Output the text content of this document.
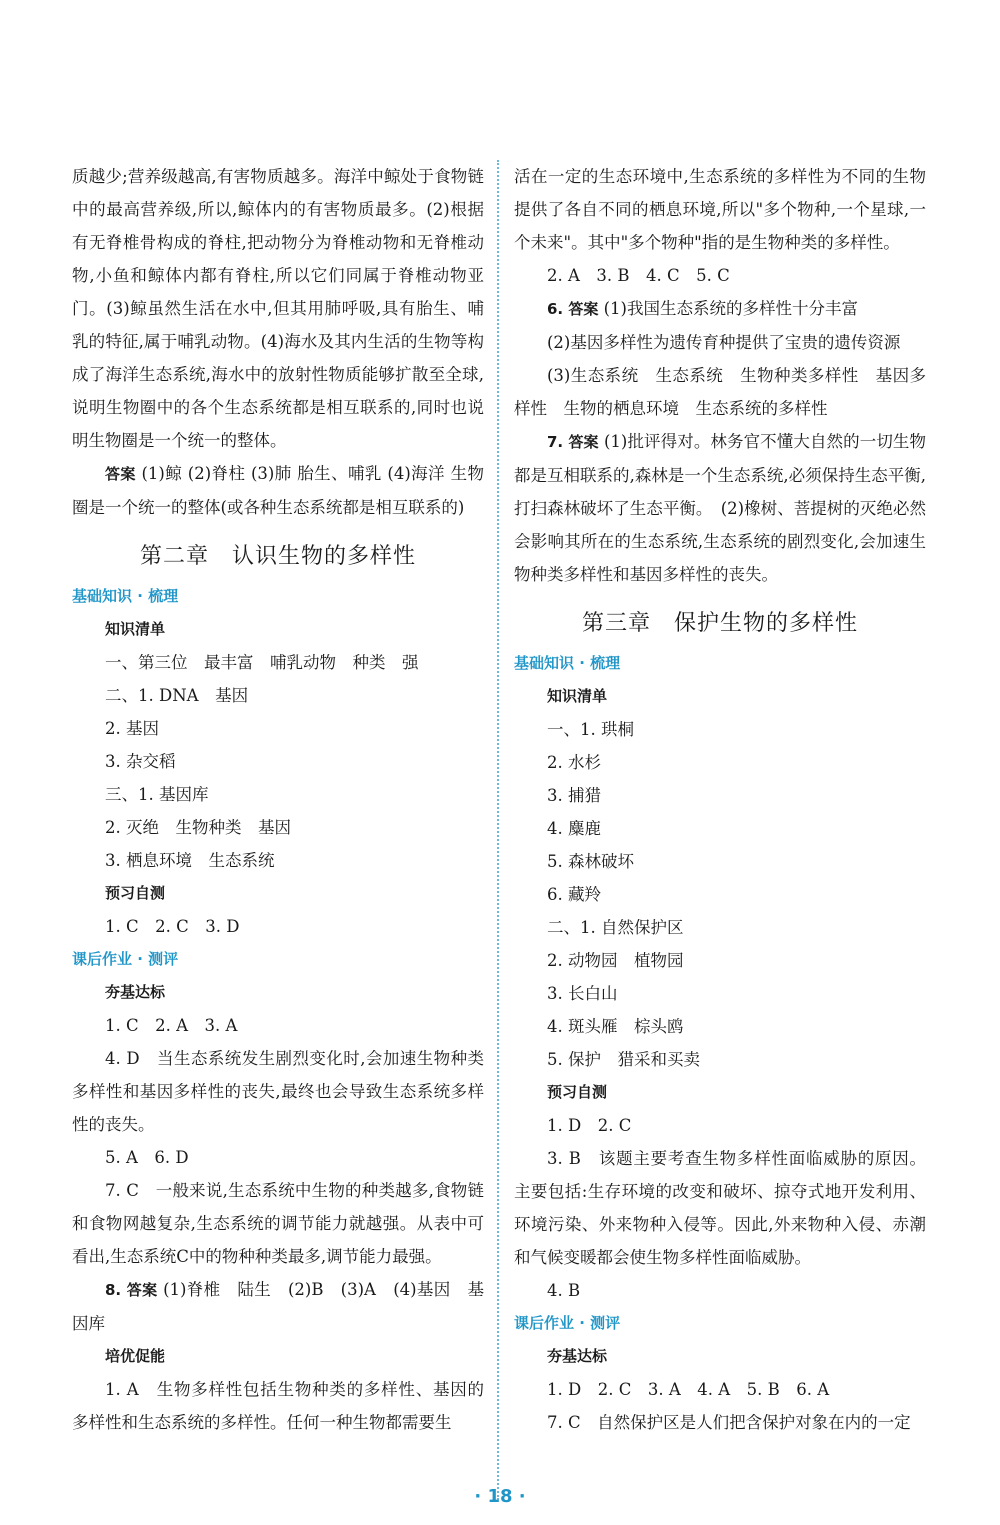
质越少;营养级越高,有害物质越多。海洋中鲸处于食物链中的最高营养级,所以,鲸体内的有害物质最多。(2)根据有无脊椎骨构成的脊柱,把动物分为脊椎动物和无脊椎动物,小鱼和鲸体内都有脊柱,所以它们同属于脊椎动物亚门。(3)鲸虽然生活在水中,但其用肺呼吸,具有胎生、哺乳的特征,属于哺乳动物。(4)海水及其内生活的生物等构成了海洋生态系统,海水中的放射性物质能够扩散至全球,说明生物圈中的各个生态系统都是相互联系的,同时也说明生物圈是一个统一的整体。

答案 (1)鲸 (2)脊柱 (3)肺 胎生、哺乳 (4)海洋 生物圈是一个统一的整体(或各种生态系统都是相互联系的)

第二章　认识生物的多样性
基础知识 · 梳理
知识清单
一、第三位　最丰富　哺乳动物　种类　强
二、1. DNA　基因
2. 基因
3. 杂交稻
三、1. 基因库
2. 灭绝　生物种类　基因
3. 栖息环境　生态系统
预习自测
1. C　2. C　3. D
课后作业 · 测评
夯基达标
1. C　2. A　3. A

4. D　当生态系统发生剧烈变化时,会加速生物种类多样性和基因多样性的丧失,最终也会导致生态系统多样性的丧失。

5. A　6. D

7. C　一般来说,生态系统中生物的种类越多,食物链和食物网越复杂,生态系统的调节能力就越强。从表中可看出,生态系统C中的物种种类最多,调节能力最强。

8. 答案 (1)脊椎　陆生　(2)B　(3)A　(4)基因　基因库

培优促能

1. A　生物多样性包括生物种类的多样性、基因的多样性和生态系统的多样性。任何一种生物都需要生

活在一定的生态环境中,生态系统的多样性为不同的生物提供了各自不同的栖息环境,所以"多个物种,一个星球,一个未来"。其中"多个物种"指的是生物种类的多样性。

2. A　3. B　4. C　5. C

6. 答案 (1)我国生态系统的多样性十分丰富

(2)基因多样性为遗传育种提供了宝贵的遗传资源

(3)生态系统　生态系统　生物种类多样性　基因多样性　生物的栖息环境　生态系统的多样性

7. 答案 (1)批评得对。林务官不懂大自然的一切生物都是互相联系的,森林是一个生态系统,必须保持生态平衡,打扫森林破坏了生态平衡。　(2)橡树、菩提树的灭绝必然会影响其所在的生态系统,生态系统的剧烈变化,会加速生物种类多样性和基因多样性的丧失。

第三章　保护生物的多样性
基础知识 · 梳理
知识清单
一、1. 珙桐
2. 水杉
3. 捕猎
4. 麋鹿
5. 森林破坏
6. 藏羚
二、1. 自然保护区
2. 动物园　植物园
3. 长白山
4. 斑头雁　棕头鸥
5. 保护　猎采和买卖
预习自测
1. D　2. C

3. B　该题主要考查生物多样性面临威胁的原因。主要包括:生存环境的改变和破坏、掠夺式地开发利用、环境污染、外来物种入侵等。因此,外来物种入侵、赤潮和气候变暖都会使生物多样性面临威胁。

4. B
课后作业 · 测评
夯基达标
1. D　2. C　3. A　4. A　5. B　6. A

7. C　自然保护区是人们把含保护对象在内的一定

· 18 ·
